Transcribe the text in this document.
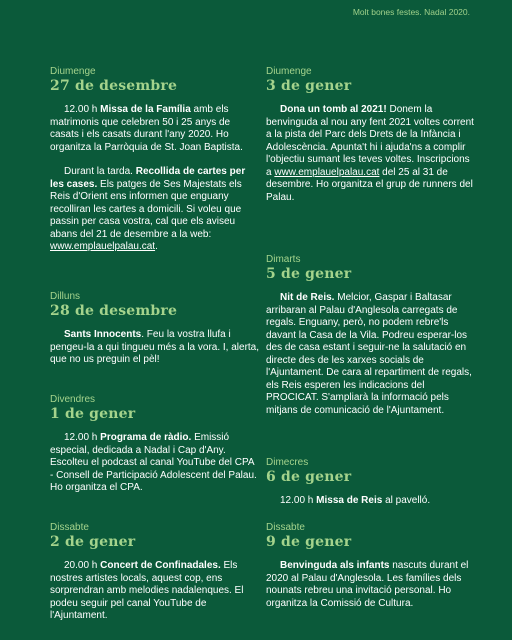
Molt bones festes. Nadal 2020.
Diumenge
27 de desembre

12.00 h Missa de la Família amb els matrimonis que celebren 50 i 25 anys de casats i els casats durant l'any 2020. Ho organitza la Parròquia de St. Joan Baptista.

Durant la tarda. Recollida de cartes per les cases. Els patges de Ses Majestats els Reis d'Orient ens informen que enguany recolliran les cartes a domicili. Si voleu que passin per casa vostra, cal que els aviseu abans del 21 de desembre a la web: www.emplauelpalau.cat.

Dilluns
28 de desembre

Sants Innocents. Feu la vostra llufa i pengeu-la a qui tingueu més a la vora. I, alerta, que no us preguin el pèl!

Divendres
1 de gener

12.00 h Programa de ràdio. Emissió especial, dedicada a Nadal i Cap d'Any. Escolteu el podcast al canal YouTube del CPA - Consell de Participació Adolescent del Palau. Ho organitza el CPA.

Dissabte
2 de gener

20.00 h Concert de Confinadales. Els nostres artistes locals, aquest cop, ens sorprendran amb melodies nadalenques. El podeu seguir pel canal YouTube de l'Ajuntament.

Diumenge
3 de gener

Dona un tomb al 2021! Donem la benvinguda al nou any fent 2021 voltes corrent a la pista del Parc dels Drets de la Infància i Adolescència. Apunta't hi i ajuda'ns a complir l'objectiu sumant les teves voltes. Inscripcions a www.emplauelpalau.cat del 25 al 31 de desembre. Ho organitza el grup de runners del Palau.

Dimarts
5 de gener

Nit de Reis. Melcior, Gaspar i Baltasar arribaran al Palau d'Anglesola carregats de regals. Enguany, però, no podem rebre'ls davant la Casa de la Vila. Podreu esperar-los des de casa estant i seguir-ne la salutació en directe des de les xarxes socials de l'Ajuntament. De cara al repartiment de regals, els Reis esperen les indicacions del PROCICAT. S'ampliarà la informació pels mitjans de comunicació de l'Ajuntament.

Dimecres
6 de gener

12.00 h Missa de Reis al pavelló.

Dissabte
9 de gener

Benvinguda als infants nascuts durant el 2020 al Palau d'Anglesola. Les famílies dels nounats rebreu una invitació personal. Ho organitza la Comissió de Cultura.
